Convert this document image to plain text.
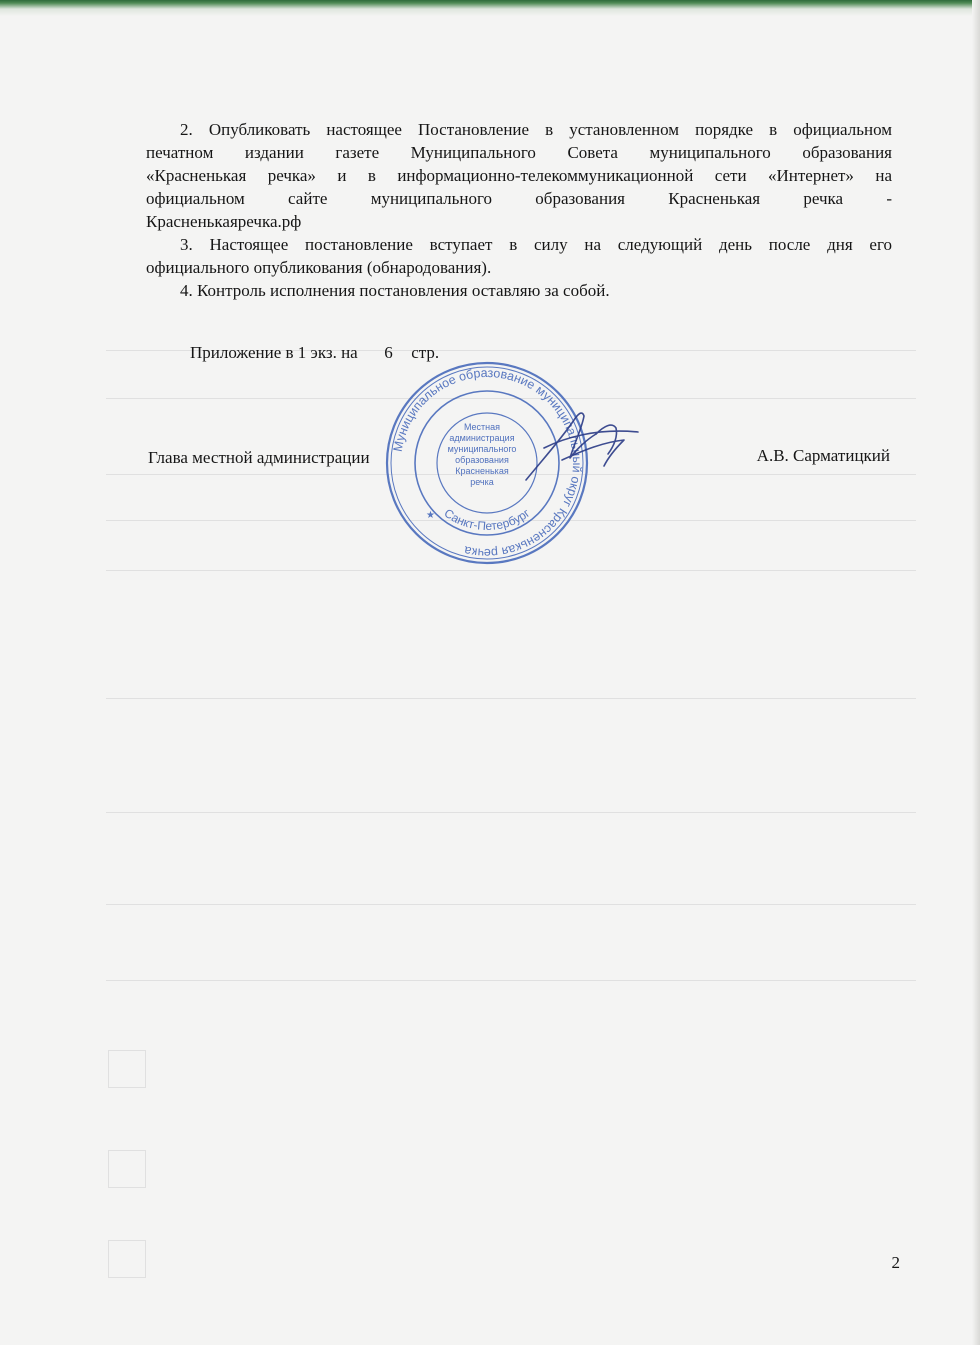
2. Опубликовать настоящее Постановление в установленном порядке в официальном

печатном издании газете Муниципального Совета муниципального образования

«Красненькая речка» и в информационно-телекоммуникационной сети «Интернет» на

официальном сайте муниципального образования Красненькая речка -

Красненькаяречка.рф

3. Настоящее постановление вступает в силу на следующий день после дня его

официального опубликования (обнародования).

4. Контроль исполнения постановления оставляю за собой.

Приложение в 1 экз. на 6 стр.
Глава местной администрации	А.В. Сарматицкий
Муниципальное образование муниципальный округ Красненькая речка
Санкт-Петербург
Местная
администрация
муниципального
образования
Красненькая
речка
★
2
